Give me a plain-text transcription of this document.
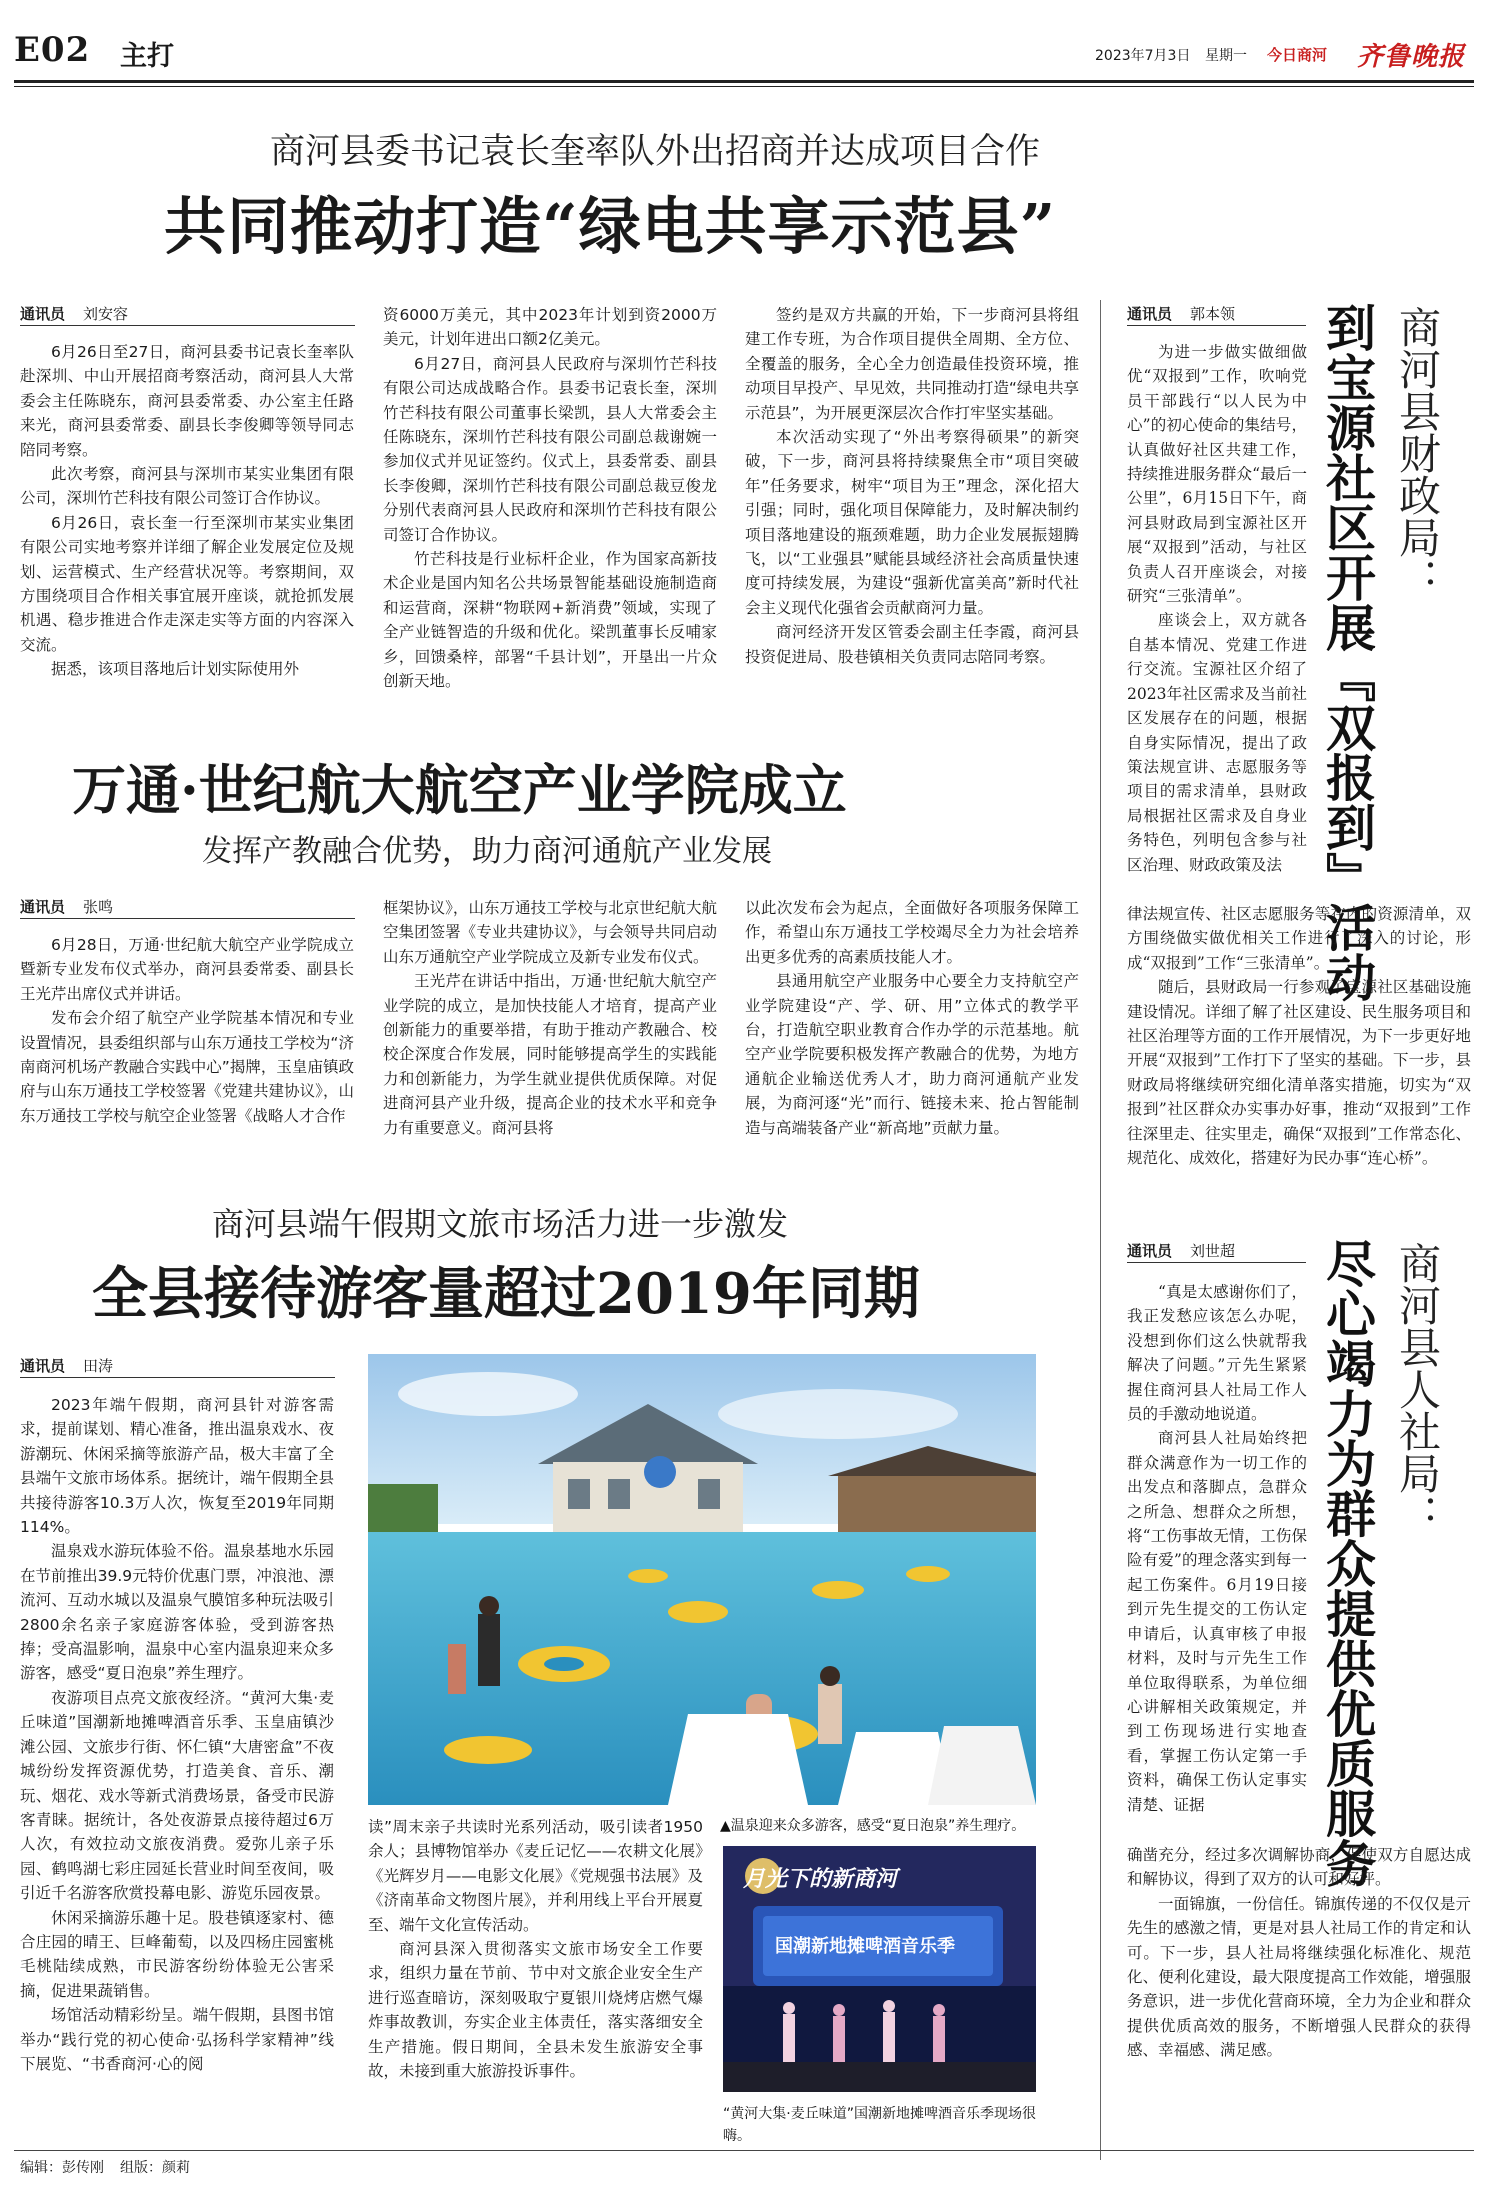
E02 主打	2023年7月3日 星期一 今日商河 齐鲁晚报
商河县委书记袁长奎率队外出招商并达成项目合作
共同推动打造“绿电共享示范县”
通讯员 刘安容

6月26日至27日，商河县委书记袁长奎率队赴深圳、中山开展招商考察活动，商河县人大常委会主任陈晓东，商河县委常委、办公室主任路来光，商河县委常委、副县长李俊卿等领导同志陪同考察。

此次考察，商河县与深圳市某实业集团有限公司，深圳竹芒科技有限公司签订合作协议。

6月26日，袁长奎一行至深圳市某实业集团有限公司实地考察并详细了解企业发展定位及规划、运营模式、生产经营状况等。考察期间，双方围绕项目合作相关事宜展开座谈，就抢抓发展机遇、稳步推进合作走深走实等方面的内容深入交流。

据悉，该项目落地后计划实际使用外

资6000万美元，其中2023年计划到资2000万美元，计划年进出口额2亿美元。

6月27日，商河县人民政府与深圳竹芒科技有限公司达成战略合作。县委书记袁长奎，深圳竹芒科技有限公司董事长梁凯，县人大常委会主任陈晓东，深圳竹芒科技有限公司副总裁谢婉一参加仪式并见证签约。仪式上，县委常委、副县长李俊卿，深圳竹芒科技有限公司副总裁豆俊龙分别代表商河县人民政府和深圳竹芒科技有限公司签订合作协议。

竹芒科技是行业标杆企业，作为国家高新技术企业是国内知名公共场景智能基础设施制造商和运营商，深耕“物联网+新消费”领域，实现了全产业链智造的升级和优化。梁凯董事长反哺家乡，回馈桑梓，部署“千县计划”，开垦出一片众创新天地。

签约是双方共赢的开始，下一步商河县将组建工作专班，为合作项目提供全周期、全方位、全覆盖的服务，全心全力创造最佳投资环境，推动项目早投产、早见效，共同推动打造“绿电共享示范县”，为开展更深层次合作打牢坚实基础。

本次活动实现了“外出考察得硕果”的新突破，下一步，商河县将持续聚焦全市“项目突破年”任务要求，树牢“项目为王”理念，深化招大引强；同时，强化项目保障能力，及时解决制约项目落地建设的瓶颈难题，助力企业发展振翅腾飞，以“工业强县”赋能县域经济社会高质量快速度可持续发展，为建设“强新优富美高”新时代社会主义现代化强省会贡献商河力量。

商河经济开发区管委会副主任李霞，商河县投资促进局、股巷镇相关负责同志陪同考察。

万通·世纪航大航空产业学院成立
发挥产教融合优势，助力商河通航产业发展
通讯员 张鸣

6月28日，万通·世纪航大航空产业学院成立暨新专业发布仪式举办，商河县委常委、副县长王光芹出席仪式并讲话。

发布会介绍了航空产业学院基本情况和专业设置情况，县委组织部与山东万通技工学校为“济南商河机场产教融合实践中心”揭牌，玉皇庙镇政府与山东万通技工学校签署《党建共建协议》，山东万通技工学校与航空企业签署《战略人才合作

框架协议》，山东万通技工学校与北京世纪航大航空集团签署《专业共建协议》，与会领导共同启动山东万通航空产业学院成立及新专业发布仪式。

王光芹在讲话中指出，万通·世纪航大航空产业学院的成立，是加快技能人才培育，提高产业创新能力的重要举措，有助于推动产教融合、校校企深度合作发展，同时能够提高学生的实践能力和创新能力，为学生就业提供优质保障。对促进商河县产业升级，提高企业的技术水平和竞争力有重要意义。商河县将

以此次发布会为起点，全面做好各项服务保障工作，希望山东万通技工学校竭尽全力为社会培养出更多优秀的高素质技能人才。

县通用航空产业服务中心要全力支持航空产业学院建设“产、学、研、用”立体式的教学平台，打造航空职业教育合作办学的示范基地。航空产业学院要积极发挥产教融合的优势，为地方通航企业输送优秀人才，助力商河通航产业发展，为商河逐“光”而行、链接未来、抢占智能制造与高端装备产业“新高地”贡献力量。

商河县端午假期文旅市场活力进一步激发
全县接待游客量超过2019年同期
通讯员 田涛

2023年端午假期，商河县针对游客需求，提前谋划、精心准备，推出温泉戏水、夜游潮玩、休闲采摘等旅游产品，极大丰富了全县端午文旅市场体系。据统计，端午假期全县共接待游客10.3万人次，恢复至2019年同期114%。

温泉戏水游玩体验不俗。温泉基地水乐园在节前推出39.9元特价优惠门票，冲浪池、漂流河、互动水城以及温泉气膜馆多种玩法吸引2800余名亲子家庭游客体验，受到游客热捧；受高温影响，温泉中心室内温泉迎来众多游客，感受“夏日泡泉”养生理疗。

夜游项目点亮文旅夜经济。“黄河大集·麦丘味道”国潮新地摊啤酒音乐季、玉皇庙镇沙滩公园、文旅步行街、怀仁镇“大唐密盒”不夜城纷纷发挥资源优势，打造美食、音乐、潮玩、烟花、戏水等新式消费场景，备受市民游客青睐。据统计，各处夜游景点接待超过6万人次，有效拉动文旅夜消费。爱弥儿亲子乐园、鹤鸣湖七彩庄园延长营业时间至夜间，吸引近千名游客欣赏投幕电影、游览乐园夜景。

休闲采摘游乐趣十足。股巷镇逐家村、德合庄园的晴王、巨峰葡萄，以及四杨庄园蜜桃毛桃陆续成熟，市民游客纷纷体验无公害采摘，促进果蔬销售。

场馆活动精彩纷呈。端午假期，县图书馆举办“践行党的初心使命·弘扬科学家精神”线下展览、“书香商河·心的阅

读”周末亲子共读时光系列活动，吸引读者1950余人；县博物馆举办《麦丘记忆——农耕文化展》《光辉岁月——电影文化展》《党规强书法展》及《济南革命文物图片展》，并利用线上平台开展夏至、端午文化宣传活动。

商河县深入贯彻落实文旅市场安全工作要求，组织力量在节前、节中对文旅企业安全生产进行巡查暗访，深刻吸取宁夏银川烧烤店燃气爆炸事故教训，夯实企业主体责任，落实落细安全生产措施。假日期间，全县未发生旅游安全事故，未接到重大旅游投诉事件。

▲温泉迎来众多游客，感受“夏日泡泉”养生理疗。
月光下的新商河
国潮新地摊啤酒音乐季
“黄河大集·麦丘味道”国潮新地摊啤酒音乐季现场很嗨。
通讯员 郭本领	到宝源社区开展『双报到』活动 商河县财政局：

为进一步做实做细做优“双报到”工作，吹响党员干部践行“以人民为中心”的初心使命的集结号，认真做好社区共建工作，持续推进服务群众“最后一公里”，6月15日下午，商河县财政局到宝源社区开展“双报到”活动，与社区负责人召开座谈会，对接研究“三张清单”。

座谈会上，双方就各自基本情况、党建工作进行交流。宝源社区介绍了2023年社区需求及当前社区发展存在的问题，根据自身实际情况，提出了政策法规宣讲、志愿服务等项目的需求清单，县财政局根据社区需求及自身业务特色，列明包含参与社区治理、财政政策及法

律法规宣传、社区志愿服务等在内的资源清单，双方围绕做实做优相关工作进行了深入的讨论，形成“双报到”工作“三张清单”。

随后，县财政局一行参观了宝源社区基础设施建设情况。详细了解了社区建设、民生服务项目和社区治理等方面的工作开展情况，为下一步更好地开展“双报到”工作打下了坚实的基础。下一步，县财政局将继续研究细化清单落实措施，切实为“双报到”社区群众办实事办好事，推动“双报到”工作往深里走、往实里走，确保“双报到”工作常态化、规范化、成效化，搭建好为民办事“连心桥”。

通讯员 刘世超	尽心竭力为群众提供优质服务 商河县人社局：

“真是太感谢你们了，我正发愁应该怎么办呢，没想到你们这么快就帮我解决了问题。”亓先生紧紧握住商河县人社局工作人员的手激动地说道。

商河县人社局始终把群众满意作为一切工作的出发点和落脚点，急群众之所急、想群众之所想，将“工伤事故无情，工伤保险有爱”的理念落实到每一起工伤案件。6月19日接到亓先生提交的工伤认定申请后，认真审核了申报材料，及时与亓先生工作单位取得联系，为单位细心讲解相关政策规定，并到工伤现场进行实地查看，掌握工伤认定第一手资料，确保工伤认定事实清楚、证据

确凿充分，经过多次调解协商，促使双方自愿达成和解协议，得到了双方的认可和好评。

一面锦旗，一份信任。锦旗传递的不仅仅是亓先生的感激之情，更是对县人社局工作的肯定和认可。下一步，县人社局将继续强化标准化、规范化、便利化建设，最大限度提高工作效能，增强服务意识，进一步优化营商环境，全力为企业和群众提供优质高效的服务，不断增强人民群众的获得感、幸福感、满足感。

编辑：彭传刚 组版：颜莉
